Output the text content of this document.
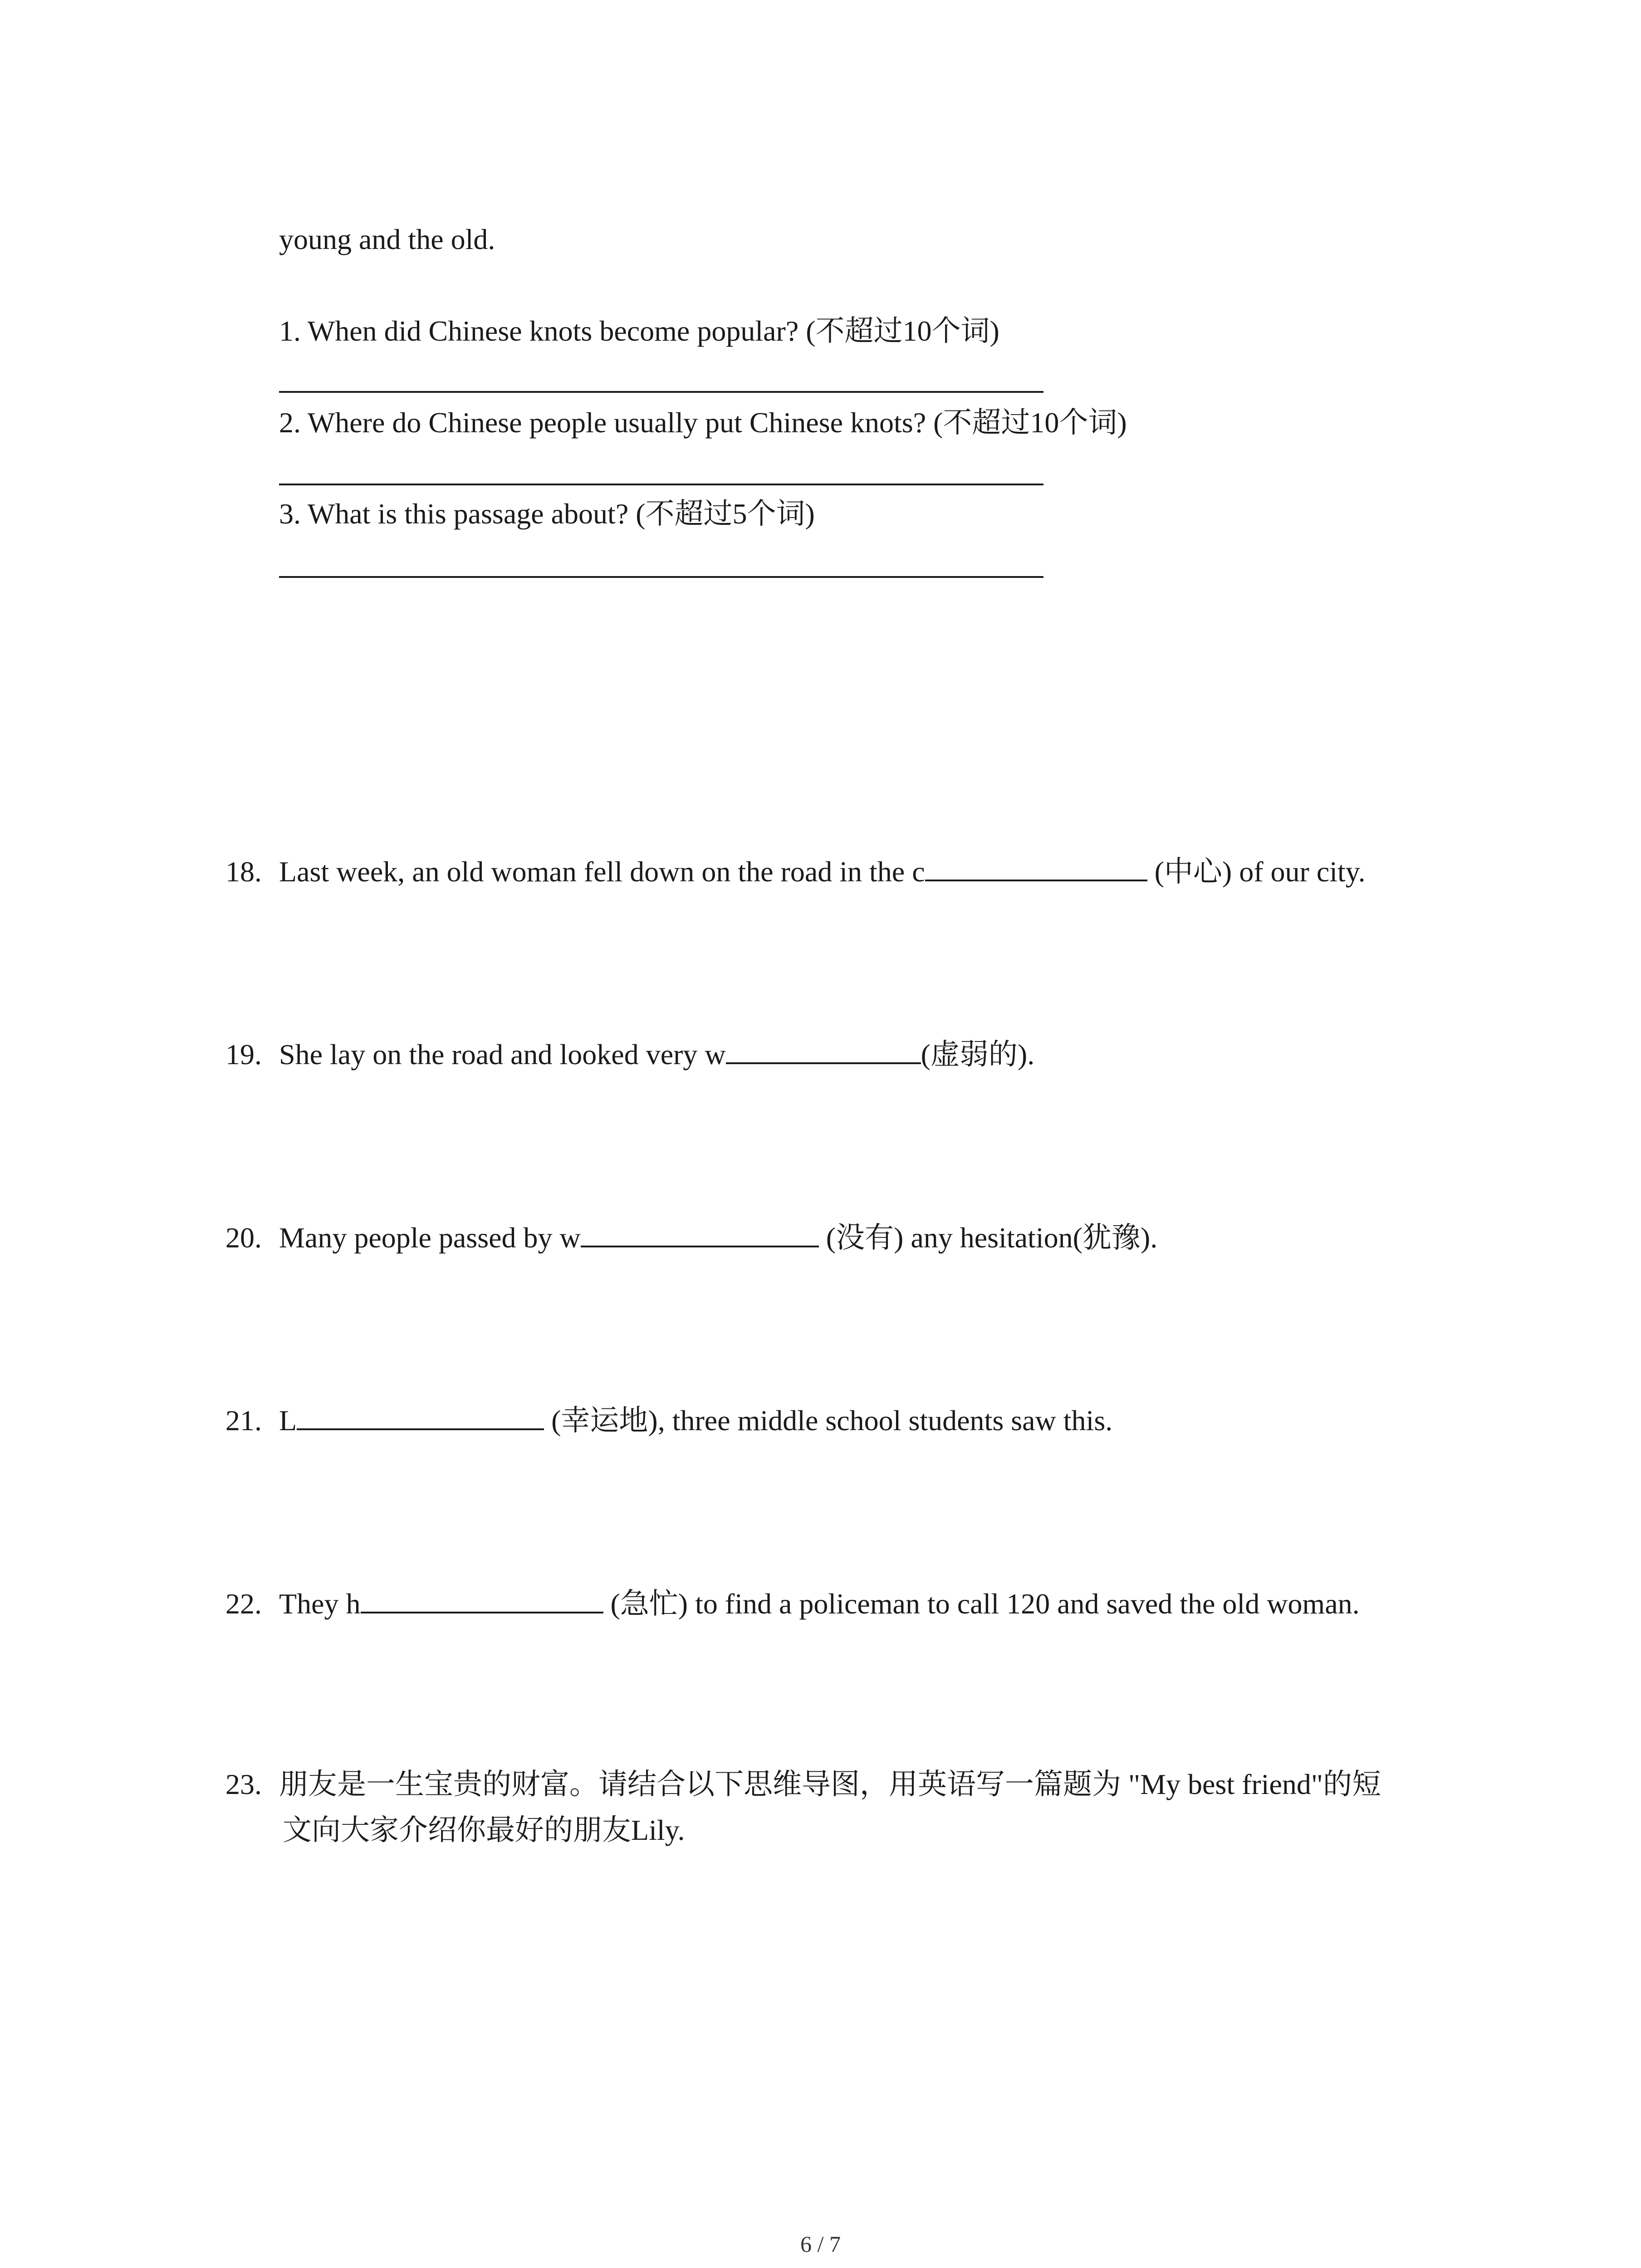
young and the old.
1. When did Chinese knots become popular? (不超过10个词)
2. Where do Chinese people usually put Chinese knots? (不超过10个词)
3. What is this passage about? (不超过5个词)
18. Last week, an old woman fell down on the road in the c	(中心) of our city.
19. She lay on the road and looked very w	(虚弱的).
20. Many people passed by w	(没有) any hesitation(犹豫).
21. L	(幸运地), three middle school students saw this.
22. They h	(急忙) to find a policeman to call 120 and saved the old woman.
23. 朋友是一生宝贵的财富。请结合以下思维导图，用英语写一篇题为 "My best friend"的短
文向大家介绍你最好的朋友Lily.
6 / 7
